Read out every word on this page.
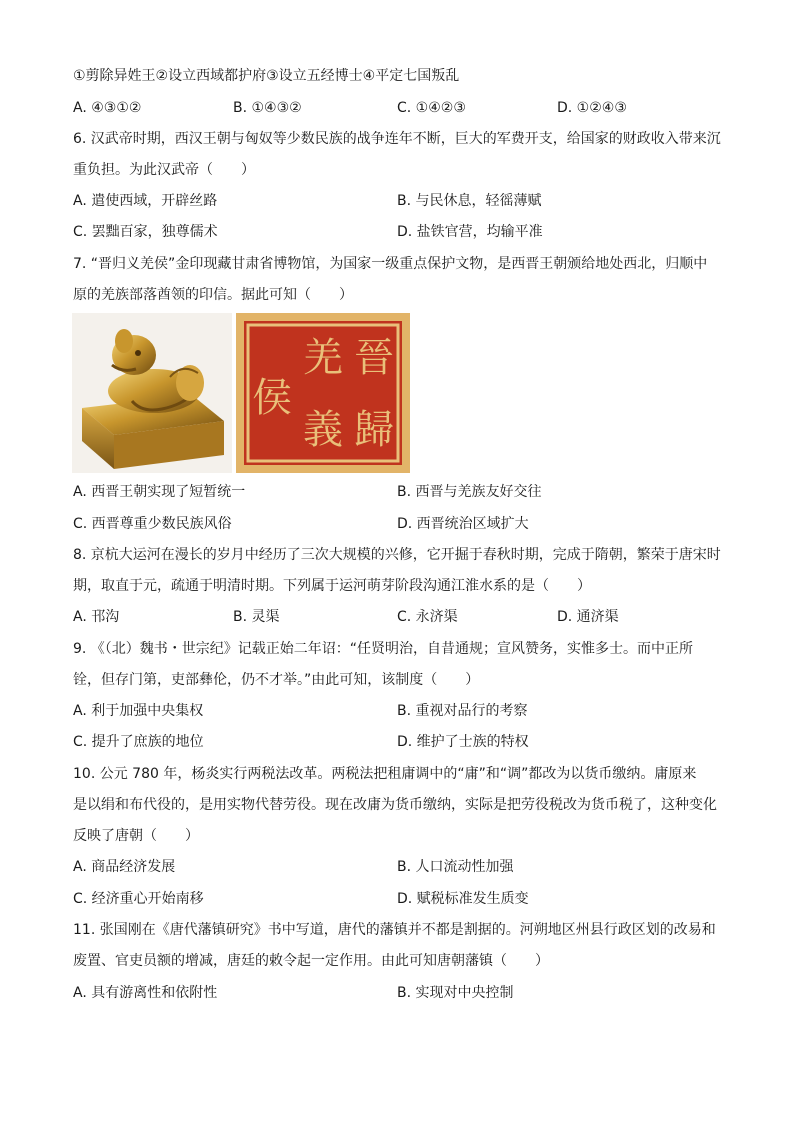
①剪除异姓王②设立西域都护府③设立五经博士④平定七国叛乱
A. ④③①②	B. ①④③②	C. ①④②③	D. ①②④③
6. 汉武帝时期，西汉王朝与匈奴等少数民族的战争连年不断，巨大的军费开支，给国家的财政收入带来沉
重负担。为此汉武帝（　　）
A. 遣使西域，开辟丝路	B. 与民休息，轻徭薄赋
C. 罢黜百家，独尊儒术	D. 盐铁官营，均输平准
7. “晋归义羌侯”金印现藏甘肃省博物馆，为国家一级重点保护文物，是西晋王朝颁给地处西北，归顺中
原的羌族部落酋领的印信。据此可知（　　）
晉
歸
羌
義
侯
A. 西晋王朝实现了短暂统一	B. 西晋与羌族友好交往
C. 西晋尊重少数民族风俗	D. 西晋统治区域扩大
8. 京杭大运河在漫长的岁月中经历了三次大规模的兴修，它开掘于春秋时期，完成于隋朝，繁荣于唐宋时
期，取直于元，疏通于明清时期。下列属于运河萌芽阶段沟通江淮水系的是（　　）
A. 邗沟	B. 灵渠	C. 永济渠	D. 通济渠
9. 《（北）魏书・世宗纪》记载正始二年诏：“任贤明治，自昔通规；宣风赞务，实惟多士。而中正所
铨，但存门第，吏部彝伦，仍不才举。”由此可知，该制度（　　）
A. 利于加强中央集权	B. 重视对品行的考察
C. 提升了庶族的地位	D. 维护了士族的特权
10. 公元 780 年，杨炎实行两税法改革。两税法把租庸调中的“庸”和“调”都改为以货币缴纳。庸原来
是以绢和布代役的，是用实物代替劳役。现在改庸为货币缴纳，实际是把劳役税改为货币税了，这种变化
反映了唐朝（　　）
A. 商品经济发展	B. 人口流动性加强
C. 经济重心开始南移	D. 赋税标准发生质变
11. 张国刚在《唐代藩镇研究》书中写道，唐代的藩镇并不都是割据的。河朔地区州县行政区划的改易和
废置、官吏员额的增减，唐廷的敕令起一定作用。由此可知唐朝藩镇（　　）
A. 具有游离性和依附性	B. 实现对中央控制
